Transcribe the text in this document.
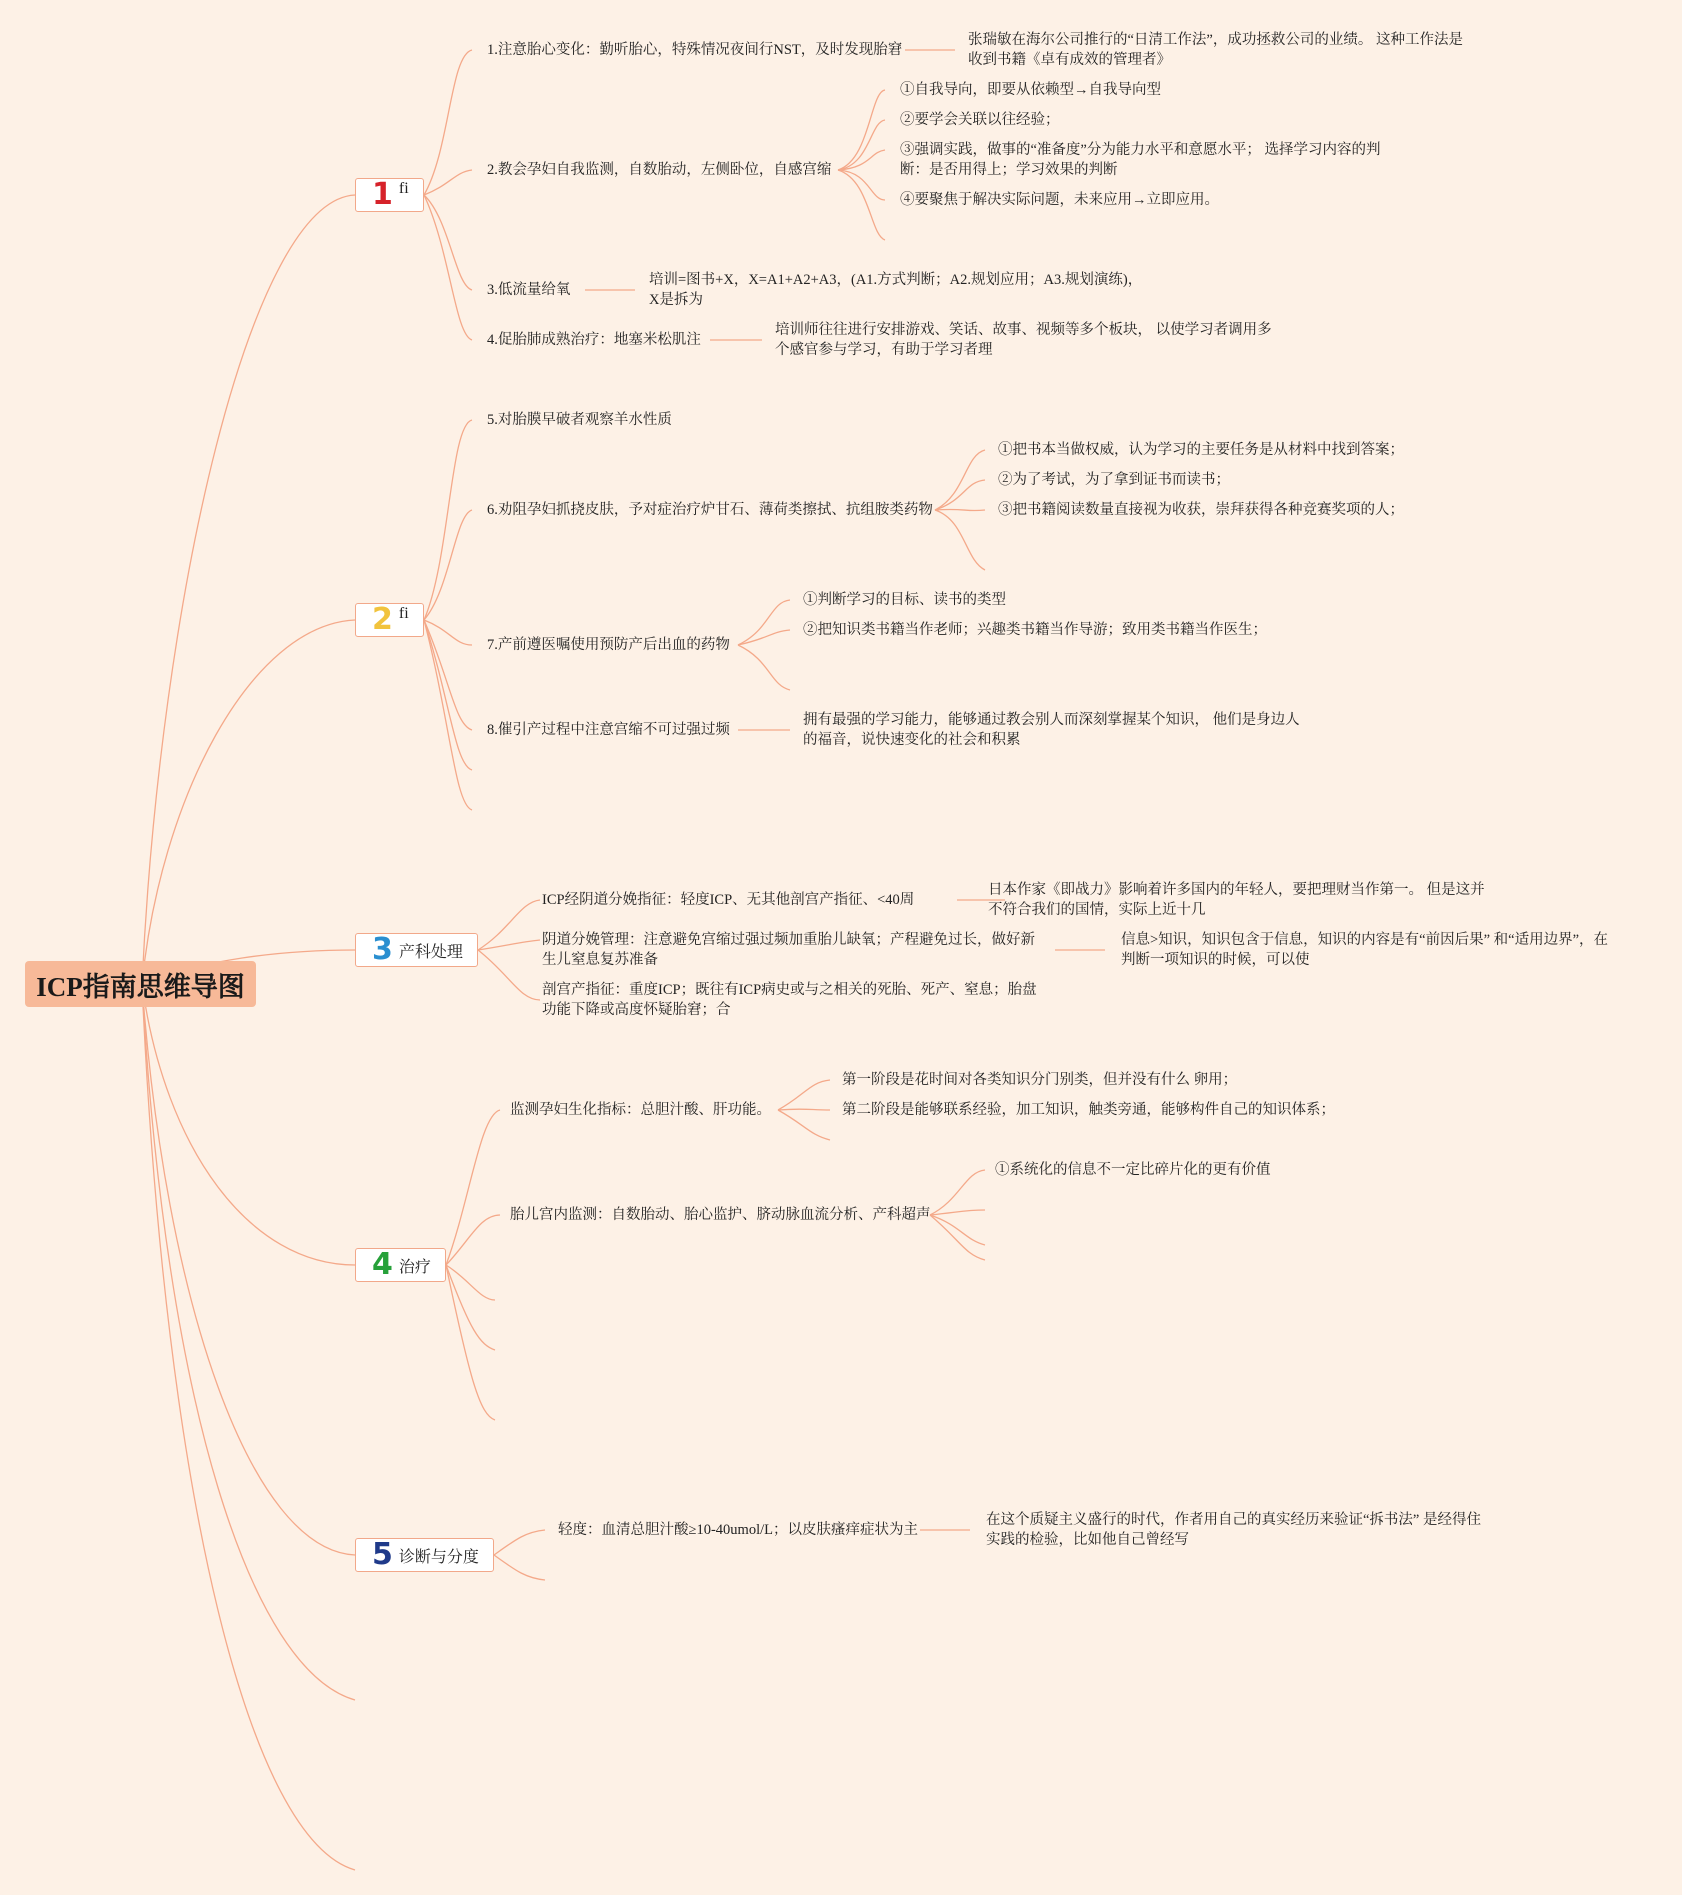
ICP指南思维导图
1 fi
2 fi
3 产科处理
4 治疗
5 诊断与分度
1.注意胎心变化：勤听胎心，特殊情况夜间行NST，及时发现胎窘
张瑞敏在海尔公司推行的“日清工作法”，成功拯救公司的业绩。 这种工作法是收到书籍《卓有成效的管理者》
2.教会孕妇自我监测，自数胎动，左侧卧位，自感宫缩
①自我导向，即要从依赖型→自我导向型
②要学会关联以往经验；
③强调实践，做事的“准备度”分为能力水平和意愿水平； 选择学习内容的判断：是否用得上；学习效果的判断
④要聚焦于解决实际问题，未来应用→立即应用。
3.低流量给氧
培训=图书+X，X=A1+A2+A3，(A1.方式判断；A2.规划应用；A3.规划演练)， X是拆为
4.促胎肺成熟治疗：地塞米松肌注
培训师往往进行安排游戏、笑话、故事、视频等多个板块， 以使学习者调用多个感官参与学习，有助于学习者理
5.对胎膜早破者观察羊水性质
6.劝阻孕妇抓挠皮肤，予对症治疗炉甘石、薄荷类擦拭、抗组胺类药物
①把书本当做权威，认为学习的主要任务是从材料中找到答案；
②为了考试，为了拿到证书而读书；
③把书籍阅读数量直接视为收获，崇拜获得各种竞赛奖项的人；
7.产前遵医嘱使用预防产后出血的药物
①判断学习的目标、读书的类型
②把知识类书籍当作老师；兴趣类书籍当作导游；致用类书籍当作医生；
8.催引产过程中注意宫缩不可过强过频
拥有最强的学习能力，能够通过教会别人而深刻掌握某个知识， 他们是身边人的福音，说快速变化的社会和积累
ICP经阴道分娩指征：轻度ICP、无其他剖宫产指征、<40周
日本作家《即战力》影响着许多国内的年轻人，要把理财当作第一。 但是这并不符合我们的国情，实际上近十几
阴道分娩管理：注意避免宫缩过强过频加重胎儿缺氧；产程避免过长，做好新生儿窒息复苏准备
信息>知识，知识包含于信息，知识的内容是有“前因后果” 和“适用边界”，在判断一项知识的时候，可以使
剖宫产指征：重度ICP；既往有ICP病史或与之相关的死胎、死产、窒息；胎盘功能下降或高度怀疑胎窘；合
监测孕妇生化指标：总胆汁酸、肝功能。
第一阶段是花时间对各类知识分门别类，但并没有什么 卵用；
第二阶段是能够联系经验，加工知识，触类旁通，能够构件自己的知识体系；
胎儿宫内监测：自数胎动、胎心监护、脐动脉血流分析、产科超声
①系统化的信息不一定比碎片化的更有价值
轻度：血清总胆汁酸≥10-40umol/L；以皮肤瘙痒症状为主
在这个质疑主义盛行的时代，作者用自己的真实经历来验证“拆书法” 是经得住实践的检验，比如他自己曾经写
